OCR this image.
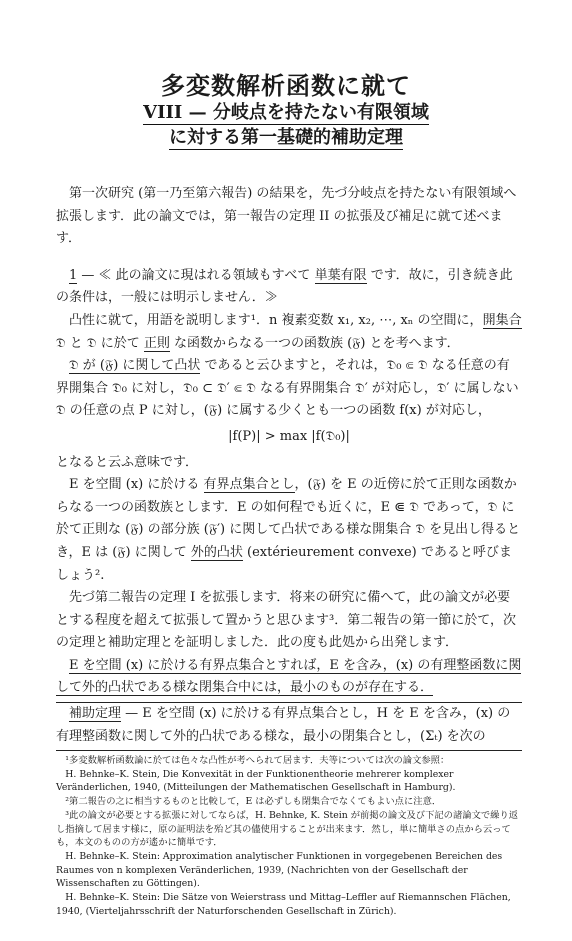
多変数解析函数に就て
VIII — 分岐点を持たない有限領域
に対する第一基礎的補助定理

第一次研究 (第一乃至第六報告) の結果を，先づ分岐点を持たない有限領域へ拡張します．此の論文では，第一報告の定理 II の拡張及び補足に就て述べます．

1 — ≪ 此の論文に現はれる領域もすべて 単葉有限 です．故に，引き続き此の条件は，一般には明示しません．≫

凸性に就て，用語を説明します¹．n 複素変数 x₁, x₂, ⋯, xₙ の空間に，開集合 𝔇 と 𝔇 に於て 正則 な函数からなる一つの函数族 (𝔉) とを考へます．

𝔇 が (𝔉) に関して凸状 であると云ひますと，それは，𝔇₀ ⋐ 𝔇 なる任意の有界開集合 𝔇₀ に対し，𝔇₀ ⊂ 𝔇′ ⋐ 𝔇 なる有界開集合 𝔇′ が対応し，𝔇′ に属しない 𝔇 の任意の点 P に対し，(𝔉) に属する少くとも一つの函数 f(x) が対応し，

|f(P)| > max |f(𝔇₀)|

となると云ふ意味です．

E を空間 (x) に於ける 有界点集合とし，(𝔉) を E の近傍に於て正則な函数からなる一つの函数族とします．E の如何程でも近くに，E ⋐ 𝔇 であって，𝔇 に於て正則な (𝔉) の部分族 (𝔉′) に関して凸状である様な開集合 𝔇 を見出し得るとき，E は (𝔉) に関して 外的凸状 (extérieurement convexe) であると呼びましょう².

先づ第二報告の定理 I を拡張します．将来の研究に備へて，此の論文が必要とする程度を超えて拡張して置かうと思ひます³．第二報告の第一節に於て，次の定理と補助定理とを証明しました．此の度も此処から出発します．

E を空間 (x) に於ける有界点集合とすれば，E を含み，(x) の有理整函数に関して外的凸状である様な閉集合中には，最小のものが存在する．

補助定理 — E を空間 (x) に於ける有界点集合とし，H を E を含み，(x) の有理整函数に関して外的凸状である様な，最小の閉集合とし，(Σₜ) を次の

¹多変数解析函数論に於ては色々な凸性が考へられて居ます．夫等については次の論文参照：
H. Behnke–K. Stein, Die Konvexität in der Funktionentheorie mehrerer komplexer Veränderlichen, 1940, (Mitteilungen der Mathematischen Gesellschaft in Hamburg).
²第二報告の之に相当するものと比較して，E は必ずしも閉集合でなくてもよい点に注意．
³此の論文が必要とする拡張に対してならば，H. Behnke, K. Stein が前掲の論文及び下記の諸論文で繰り返し指摘して居ます様に，原の証明法を殆ど其の儘使用することが出来ます．然し，単に簡単さの点から云っても，本文のものの方が遙かに簡単です．
H. Behnke–K. Stein: Approximation analytischer Funktionen in vorgegebenen Bereichen des Raumes von n komplexen Veränderlichen, 1939, (Nachrichten von der Gesellschaft der Wissenschaften zu Göttingen).
H. Behnke–K. Stein: Die Sätze von Weierstrass und Mittag–Leffler auf Riemannschen Flächen, 1940, (Vierteljahrsschrift der Naturforschenden Gesellschaft in Zürich).
